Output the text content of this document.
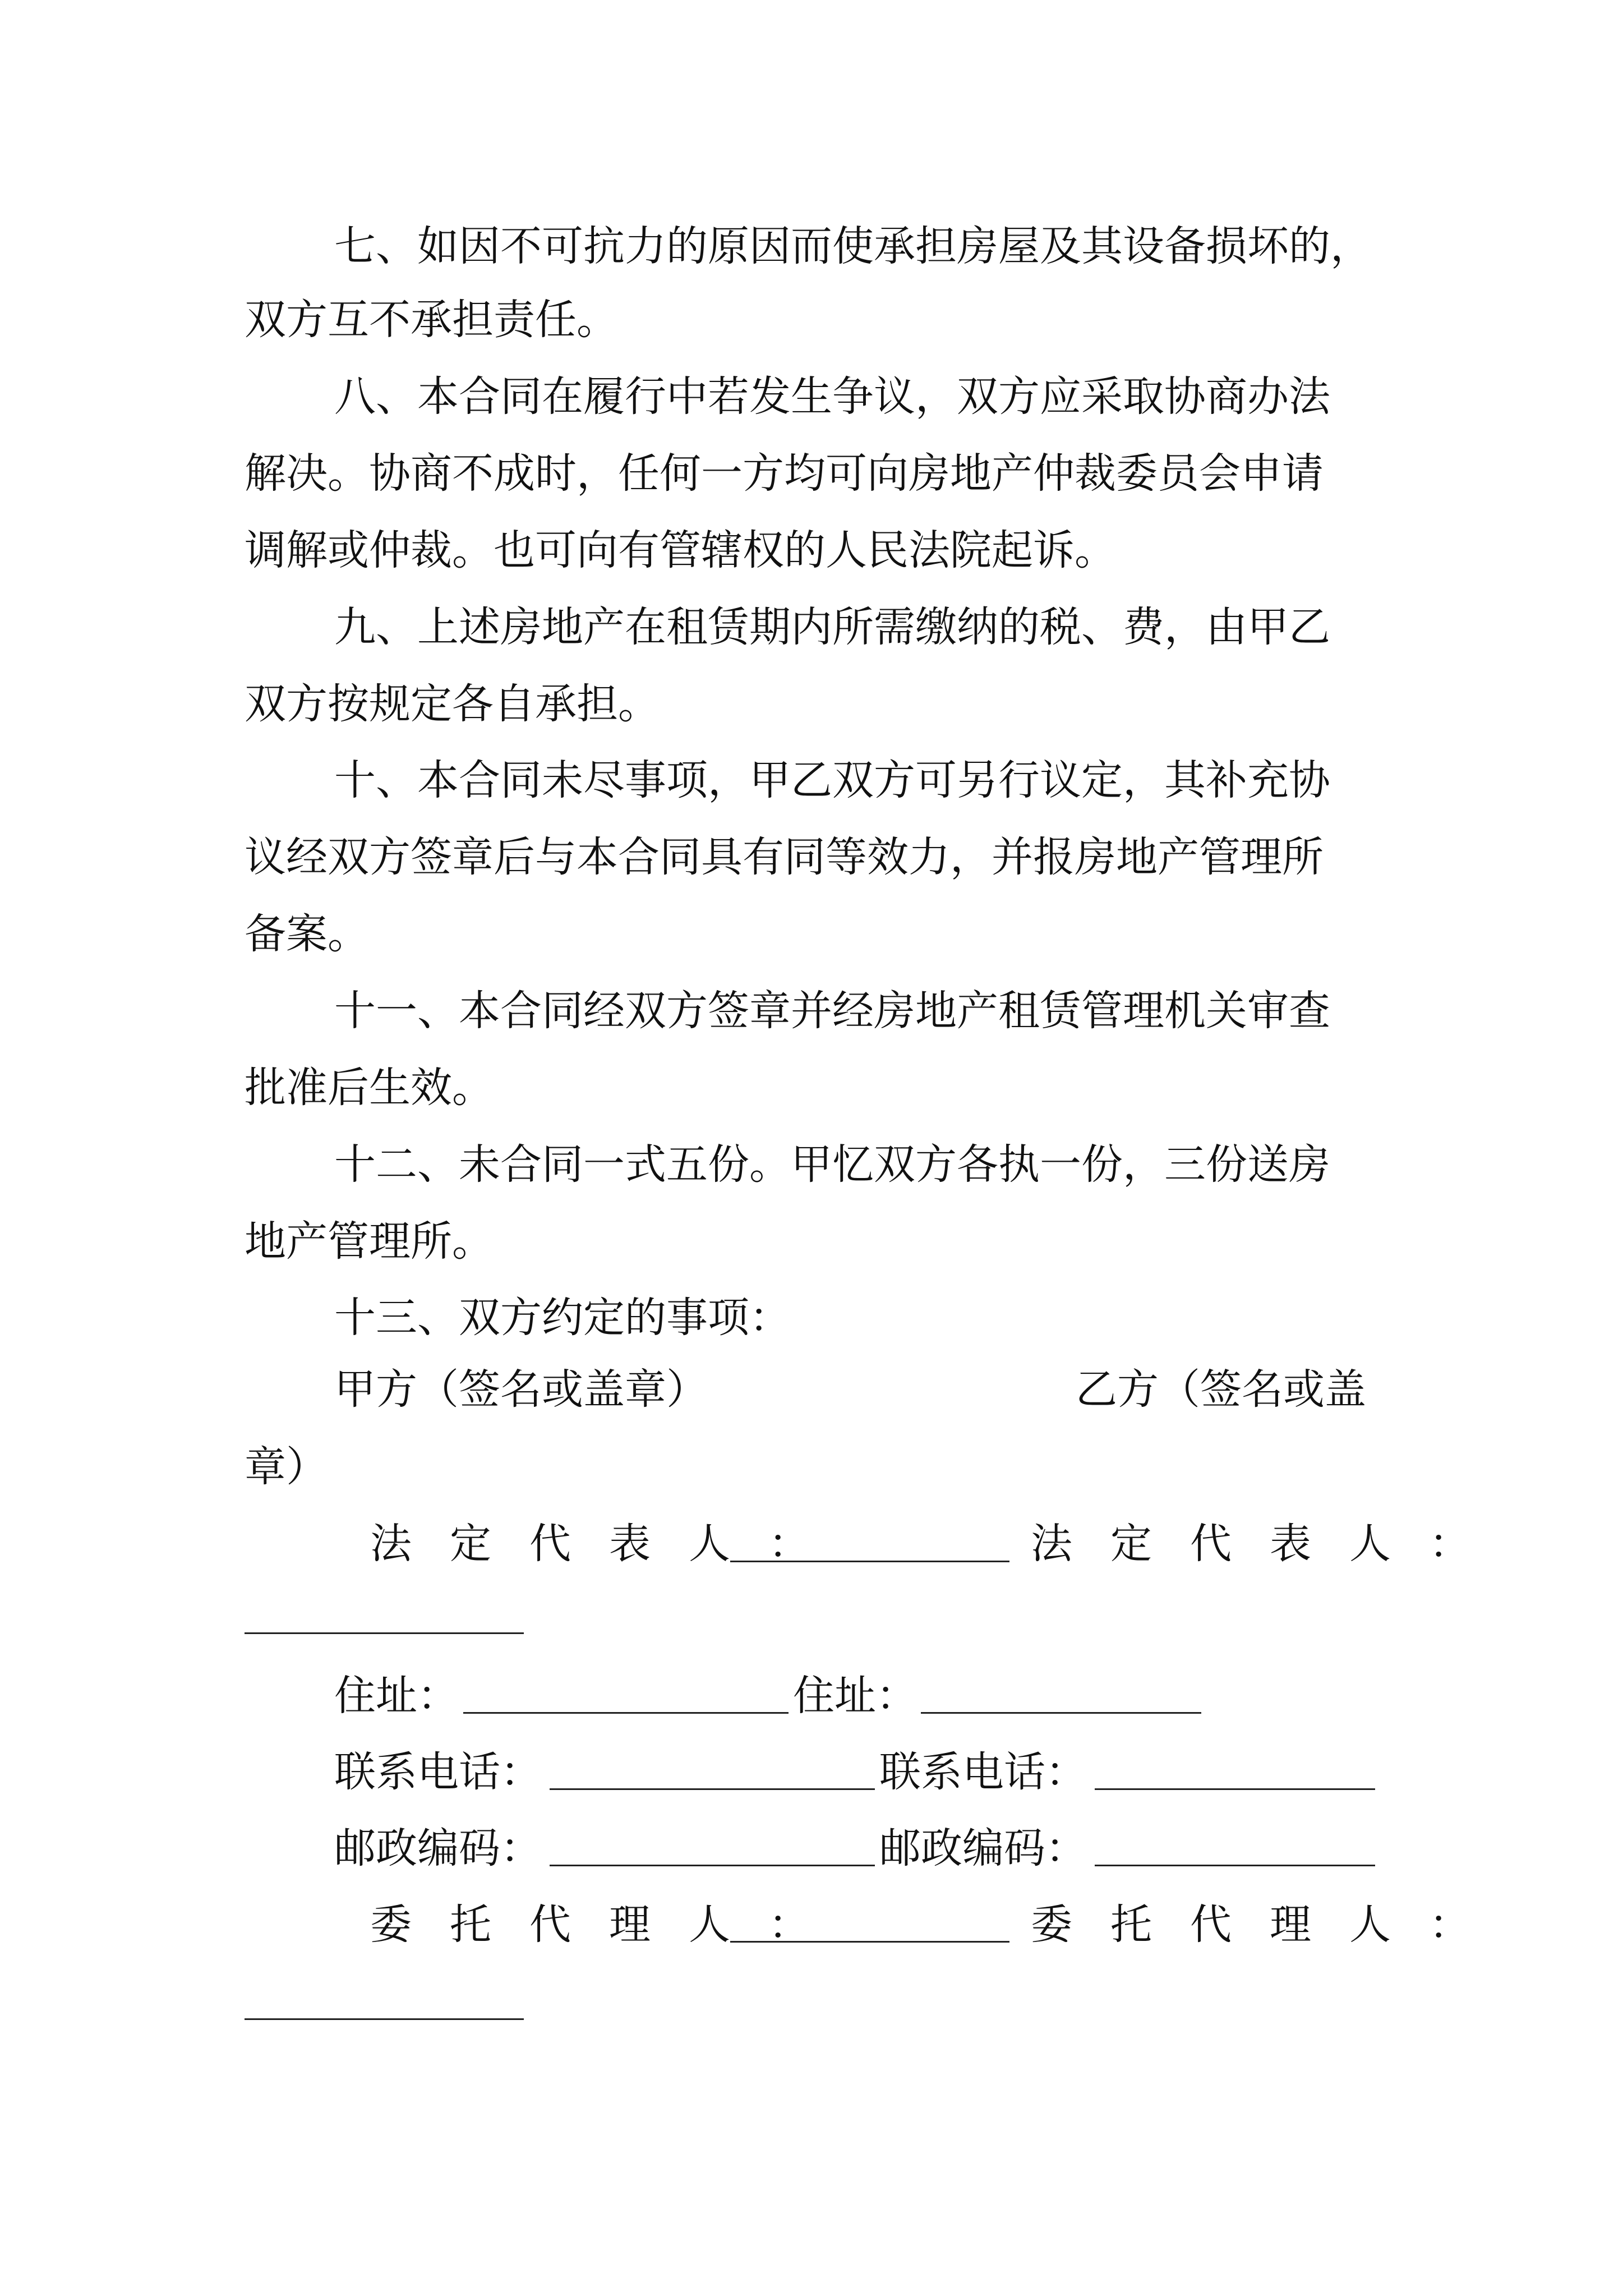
七、如因不可抗力的原因而使承担房屋及其设备损坏的，
双方互不承担责任。
八、本合同在履行中若发生争议，双方应采取协商办法
解决。协商不成时，任何一方均可向房地产仲裁委员会申请
调解或仲裁。也可向有管辖权的人民法院起诉。
九、上述房地产在租赁期内所需缴纳的税、费，由甲乙
双方按规定各自承担。
十、本合同未尽事项，甲乙双方可另行议定，其补充协
议经双方签章后与本合同具有同等效力，并报房地产管理所
备案。
十一、本合同经双方签章并经房地产租赁管理机关审查
批准后生效。
十二、未合同一式五份。甲忆双方各执一份，三份送房
地产管理所。
十三、双方约定的事项：
甲方（签名或盖章）	乙方（签名或盖
章）
法定代表人：	法定代表人：
住址：	住址：
联系电话：	联系电话：
邮政编码：	邮政编码：
委托代理人：	委托代理人：
